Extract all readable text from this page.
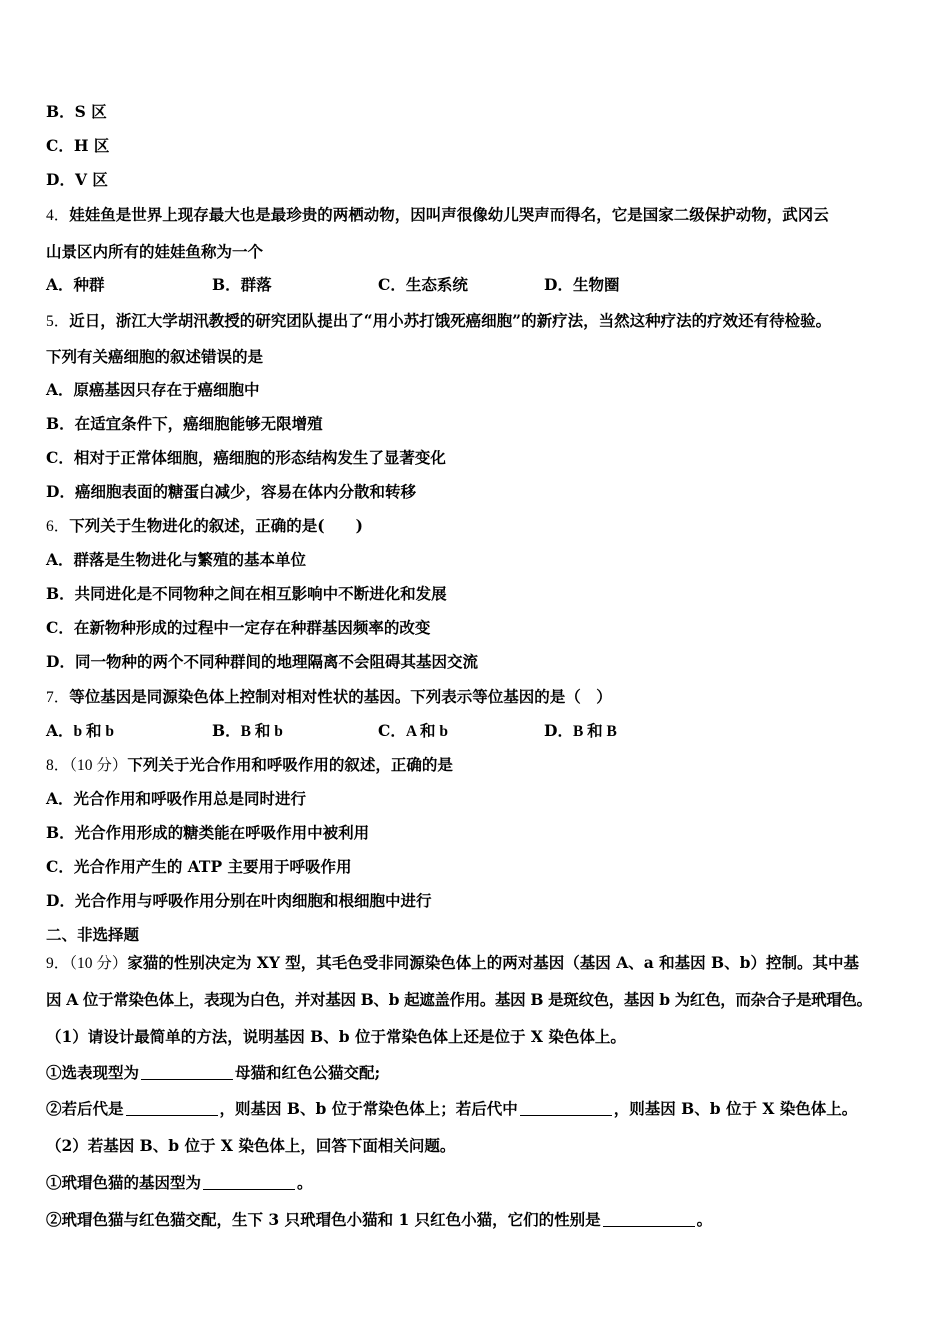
B．S 区
C．H 区
D．V 区
4．娃娃鱼是世界上现存最大也是最珍贵的两栖动物，因叫声很像幼儿哭声而得名，它是国家二级保护动物，武冈云
山景区内所有的娃娃鱼称为一个
A．种群	B．群落	C．生态系统	D．生物圈
5．近日，浙江大学胡汛教授的研究团队提出了“用小苏打饿死癌细胞”的新疗法，当然这种疗法的疗效还有待检验。
下列有关癌细胞的叙述错误的是
A．原癌基因只存在于癌细胞中
B．在适宜条件下，癌细胞能够无限增殖
C．相对于正常体细胞，癌细胞的形态结构发生了显著变化
D．癌细胞表面的糖蛋白减少，容易在体内分散和转移
6．下列关于生物进化的叙述，正确的是(　　)
A．群落是生物进化与繁殖的基本单位
B．共同进化是不同物种之间在相互影响中不断进化和发展
C．在新物种形成的过程中一定存在种群基因频率的改变
D．同一物种的两个不同种群间的地理隔离不会阻碍其基因交流
7．等位基因是同源染色体上控制对相对性状的基因。下列表示等位基因的是（　）
A．b 和 b	B．B 和 b	C．A 和 b	D．B 和 B
8．（10 分）下列关于光合作用和呼吸作用的叙述，正确的是
A．光合作用和呼吸作用总是同时进行
B．光合作用形成的糖类能在呼吸作用中被利用
C．光合作用产生的 ATP 主要用于呼吸作用
D．光合作用与呼吸作用分别在叶肉细胞和根细胞中进行
二、非选择题
9．（10 分）家猫的性别决定为 XY 型，其毛色受非同源染色体上的两对基因（基因 A、a 和基因 B、b）控制。其中基
因 A 位于常染色体上，表现为白色，并对基因 B、b 起遮盖作用。基因 B 是斑纹色，基因 b 为红色，而杂合子是玳瑁色。
（1）请设计最简单的方法，说明基因 B、b 位于常染色体上还是位于 X 染色体上。
①选表现型为	母猫和红色公猫交配;
②若后代是	，则基因 B、b 位于常染色体上；若后代中	，则基因 B、b 位于 X 染色体上。
（2）若基因 B、b 位于 X 染色体上，回答下面相关问题。
①玳瑁色猫的基因型为	。
②玳瑁色猫与红色猫交配，生下 3 只玳瑁色小猫和 1 只红色小猫，它们的性别是	。
